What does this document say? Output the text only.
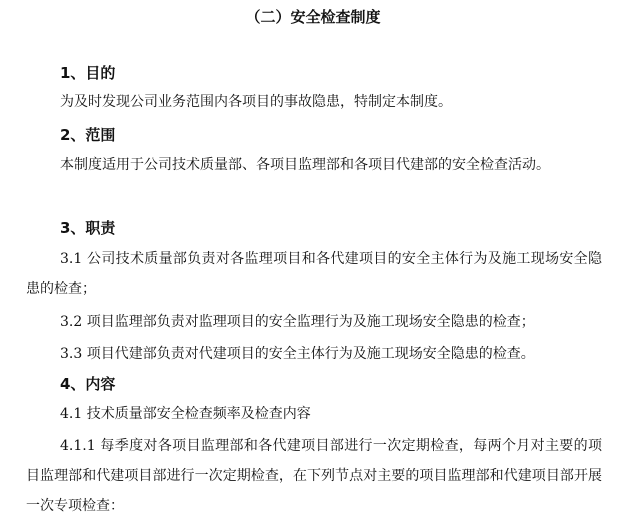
（二）安全检查制度
1、目的
为及时发现公司业务范围内各项目的事故隐患，特制定本制度。
2、范围
本制度适用于公司技术质量部、各项目监理部和各项目代建部的安全检查活动。
3、职责
3.1 公司技术质量部负责对各监理项目和各代建项目的安全主体行为及施工现场安全隐患的检查；
3.2 项目监理部负责对监理项目的安全监理行为及施工现场安全隐患的检查；
3.3 项目代建部负责对代建项目的安全主体行为及施工现场安全隐患的检查。
4、内容
4.1 技术质量部安全检查频率及检查内容
4.1.1 每季度对各项目监理部和各代建项目部进行一次定期检查，每两个月对主要的项目监理部和代建项目部进行一次定期检查，在下列节点对主要的项目监理部和代建项目部开展一次专项检查：
